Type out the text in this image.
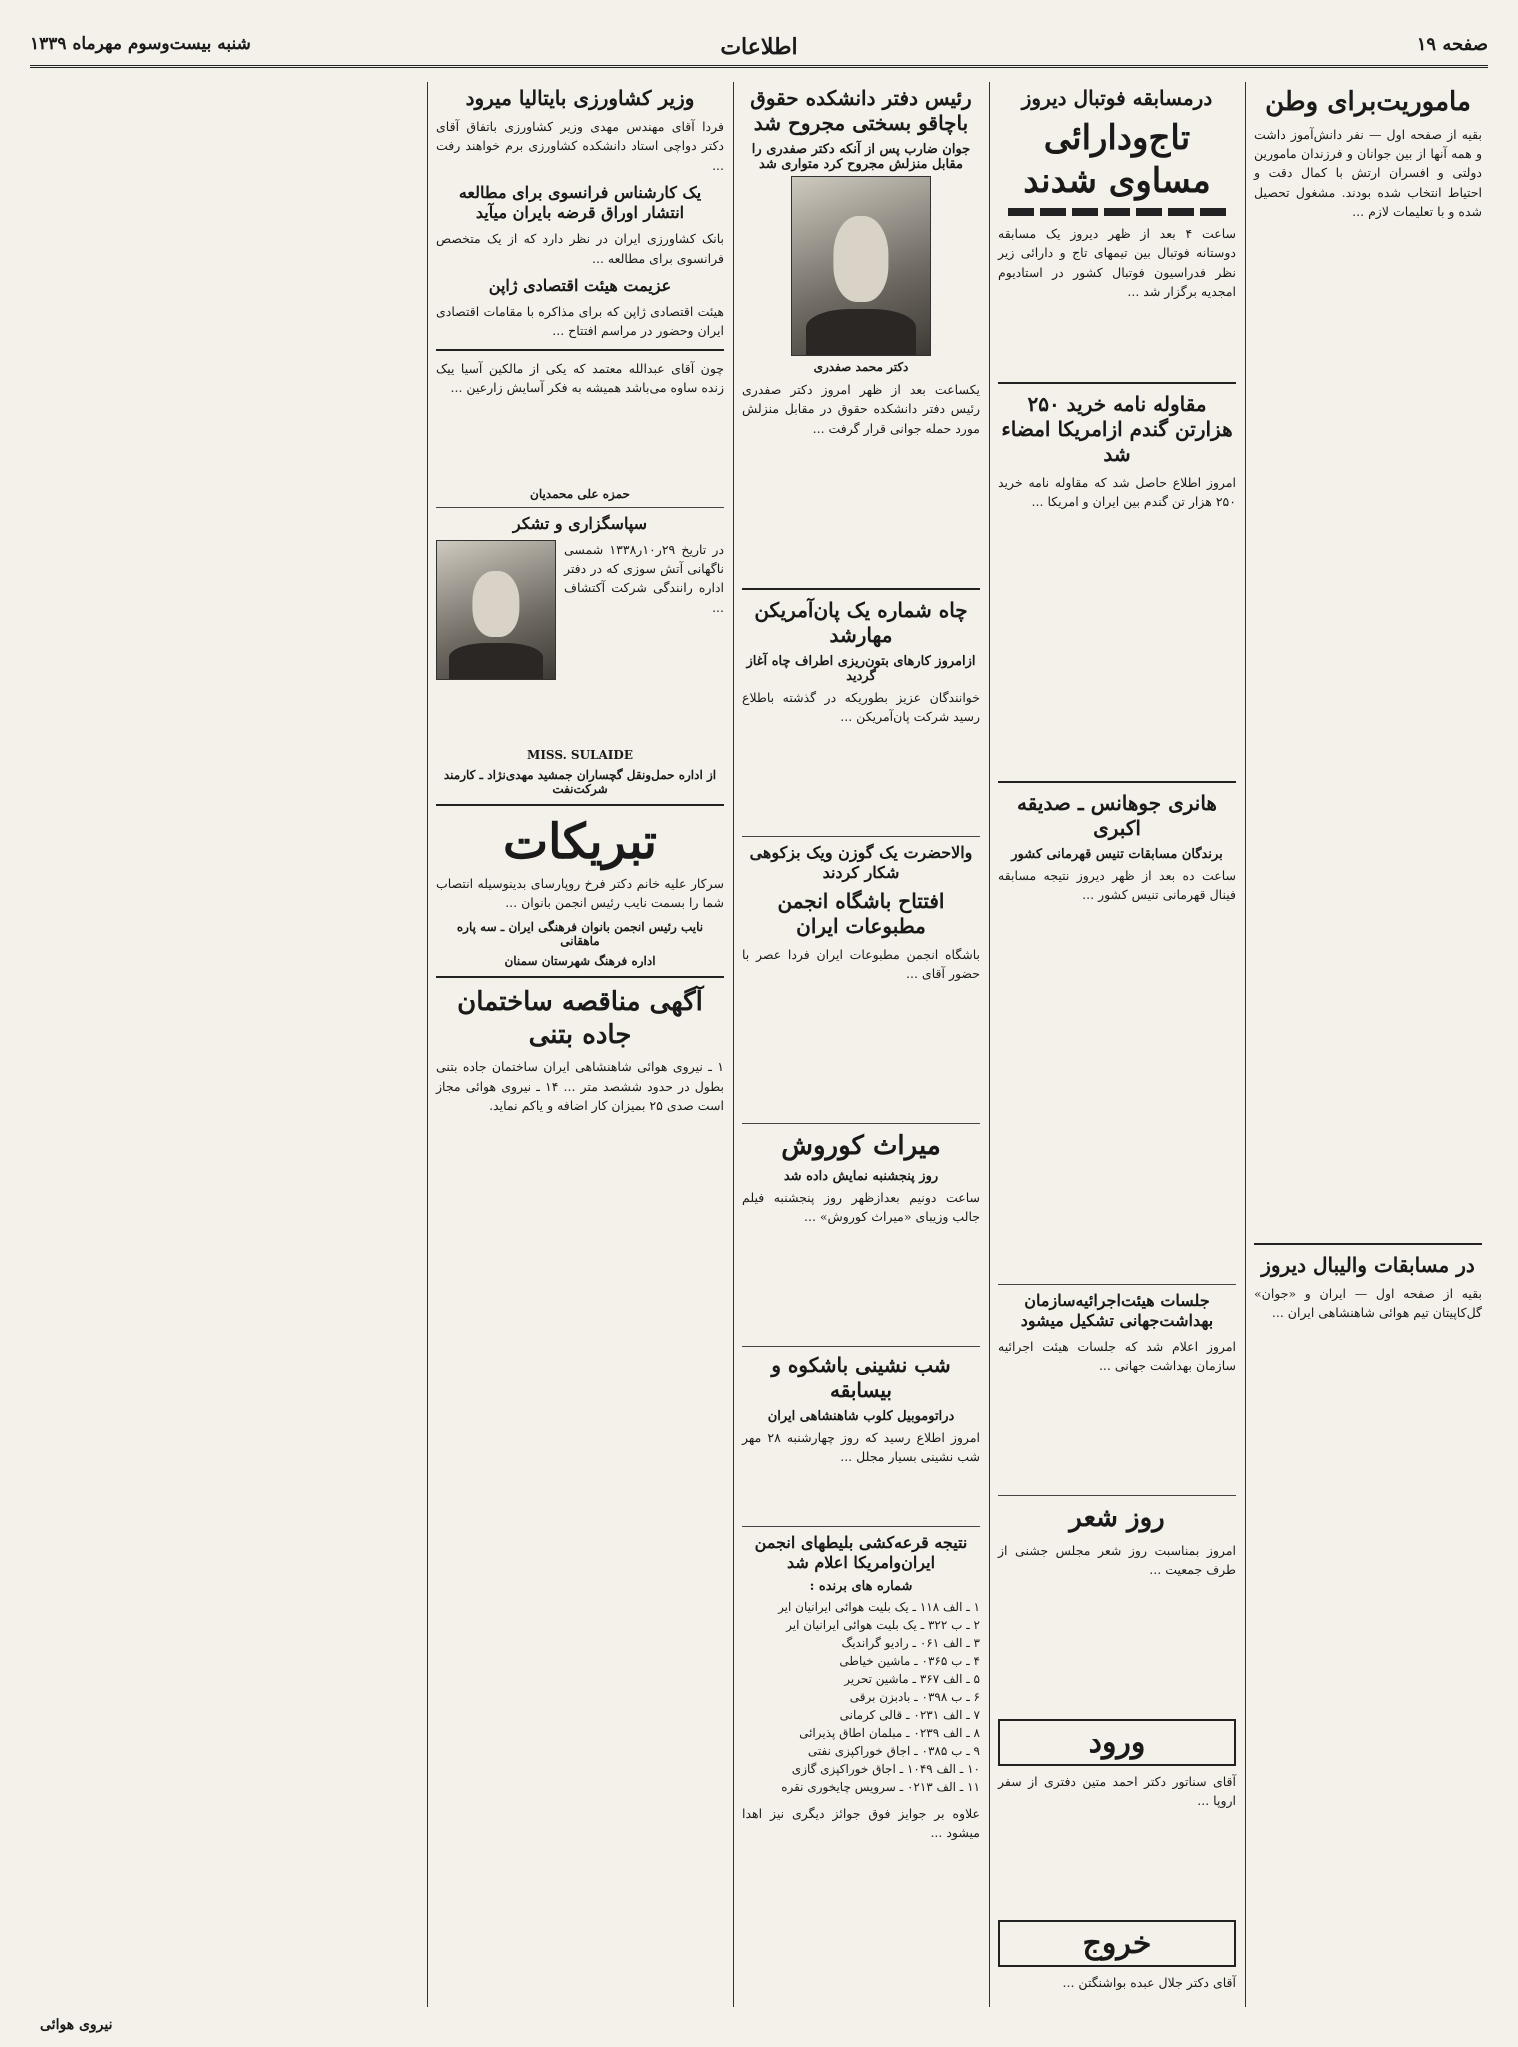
صفحه ۱۹
اطلاعات
شنبه بیست‌وسوم مهرماه ۱۳۳۹
ماموریت‌برای وطن
بقیه از صفحه اول — نفر دانش‌آموز داشت و همه آنها از بین جوانان و فرزندان مامورین دولتی و افسران ارتش با کمال دقت و احتیاط انتخاب شده بودند. مشغول تحصیل شده و با تعلیمات لازم ...
در مسابقات والیبال دیروز
بقیه از صفحه اول — ایران و «جوان» گل‌کاپیتان تیم هوائی شاهنشاهی ایران ...
درمسابقه فوتبال دیروز
تاج‌ودارائی مساوی شدند
ساعت ۴ بعد از ظهر دیروز یک مسابقه دوستانه فوتبال بین تیمهای تاج و دارائی زیر نظر فدراسیون فوتبال کشور در استادیوم امجدیه برگزار شد ...
مقاوله نامه خرید ۲۵۰ هزارتن گندم ازامریکا امضاء شد
امروز اطلاع حاصل شد که مقاوله نامه خرید ۲۵۰ هزار تن گندم بین ایران و امریکا ...
هانری جوهانس ـ صدیقه اکبری
برندگان مسابقات تنیس قهرمانی کشور
ساعت ده بعد از ظهر دیروز نتیجه مسابقه فینال قهرمانی تنیس کشور ...
جلسات هیئت‌اجرائیه‌سازمان بهداشت‌جهانی تشکیل میشود
امروز اعلام شد که جلسات هیئت اجرائیه سازمان بهداشت جهانی ...
روز شعر
امروز بمناسبت روز شعر مجلس جشنی از طرف جمعیت ...
ورود
آقای سناتور دکتر احمد متین دفتری از سفر اروپا ...
خروج
آقای دکتر جلال عبده بواشنگتن ...
رئیس دفتر دانشکده حقوق باچاقو بسختی مجروح شد
جوان ضارب پس از آنکه دکتر صفدری را مقابل منزلش مجروح کرد متواری شد
دکتر محمد صفدری
یکساعت بعد از ظهر امروز دکتر صفدری رئیس دفتر دانشکده حقوق در مقابل منزلش مورد حمله جوانی قرار گرفت ...
چاه شماره یک پان‌آمریکن مهارشد
ازامروز کارهای بتون‌ریزی اطراف چاه آغاز گردید
خوانندگان عزیز بطوریکه در گذشته باطلاع رسید شرکت پان‌آمریکن ...
والاحضرت یک گوزن ویک بزکوهی شکار کردند
افتتاح باشگاه انجمن مطبوعات ایران
باشگاه انجمن مطبوعات ایران فردا عصر با حضور آقای ...
میراث کوروش
روز پنجشنبه نمایش داده شد
ساعت دونیم بعدازظهر روز پنجشنبه فیلم جالب وزیبای «میراث کوروش» ...
شب نشینی باشکوه و بیسابقه
دراتوموبیل کلوب شاهنشاهی ایران
امروز اطلاع رسید که روز چهارشنبه ۲۸ مهر شب نشینی بسیار مجلل ...
نتیجه قرعه‌کشی بلیطهای انجمن ایران‌وامریکا اعلام شد
شماره های برنده :
۱ ـ الف ۱۱۸ ـ یک بلیت هوائی ایرانیان ایر
۲ ـ ب ۳۲۲ ـ یک بلیت هوائی ایرانیان ایر
۳ ـ الف ۰۶۱ ـ رادیو گراندیگ
۴ ـ ب ۰۳۶۵ ـ ماشین خیاطی
۵ ـ الف ۳۶۷ ـ ماشین تحریر
۶ ـ ب ۰۳۹۸ ـ بادبزن برقی
۷ ـ الف ۰۲۳۱ ـ قالی کرمانی
۸ ـ الف ۰۲۳۹ ـ مبلمان اطاق پذیرائی
۹ ـ ب ۰۳۸۵ ـ اجاق خوراکپزی نفتی
۱۰ ـ الف ۱۰۴۹ ـ اجاق خوراکپزی گازی
۱۱ ـ الف ۰۲۱۳ ـ سرویس چایخوری نقره
علاوه بر جوایز فوق جوائز دیگری نیز اهدا میشود ...
وزیر کشاورزی بایتالیا میرود
فردا آقای مهندس مهدی وزیر کشاورزی باتفاق آقای دکتر دواچی استاد دانشکده کشاورزی برم خواهند رفت ...
یک کارشناس فرانسوی برای مطالعه انتشار اوراق قرضه بایران میآید
بانک کشاورزی ایران در نظر دارد که از یک متخصص فرانسوی برای مطالعه ...
عزیمت هیئت اقتصادی ژاپن
هیئت اقتصادی ژاپن که برای مذاکره با مقامات اقتصادی ایران وحضور در مراسم افتتاح ...
چون آقای عبدالله معتمد که یکی از مالکین آسیا ییک زنده ساوه می‌باشد همیشه به فکر آسایش زارعین ...
حمزه علی محمدیان
سپاسگزاری و تشکر
در تاریخ ۲۹ر۱۰ر۱۳۳۸ شمسی ناگهانی آتش سوزی که در دفتر اداره رانندگی شرکت آکتشاف ...
MISS. SULAIDE
از اداره حمل‌ونقل گچساران جمشید مهدی‌نژاد ـ کارمند شرکت‌نفت
تبریکات
سرکار علیه خانم دکتر فرخ روپارسای بدینوسیله انتصاب شما را بسمت نایب رئیس انجمن بانوان ...
نایب رئیس انجمن بانوان فرهنگی ایران ـ سه پاره ماهقانی
اداره فرهنگ شهرستان سمنان
آگهی مناقصه ساختمان جاده بتنی
۱ ـ نیروی هوائی شاهنشاهی ایران ساختمان جاده بتنی بطول در حدود ششصد متر ... ۱۴ ـ نیروی هوائی مجاز است صدی ۲۵ بمیزان کار اضافه و یاکم نماید.
نیروی هوائی
